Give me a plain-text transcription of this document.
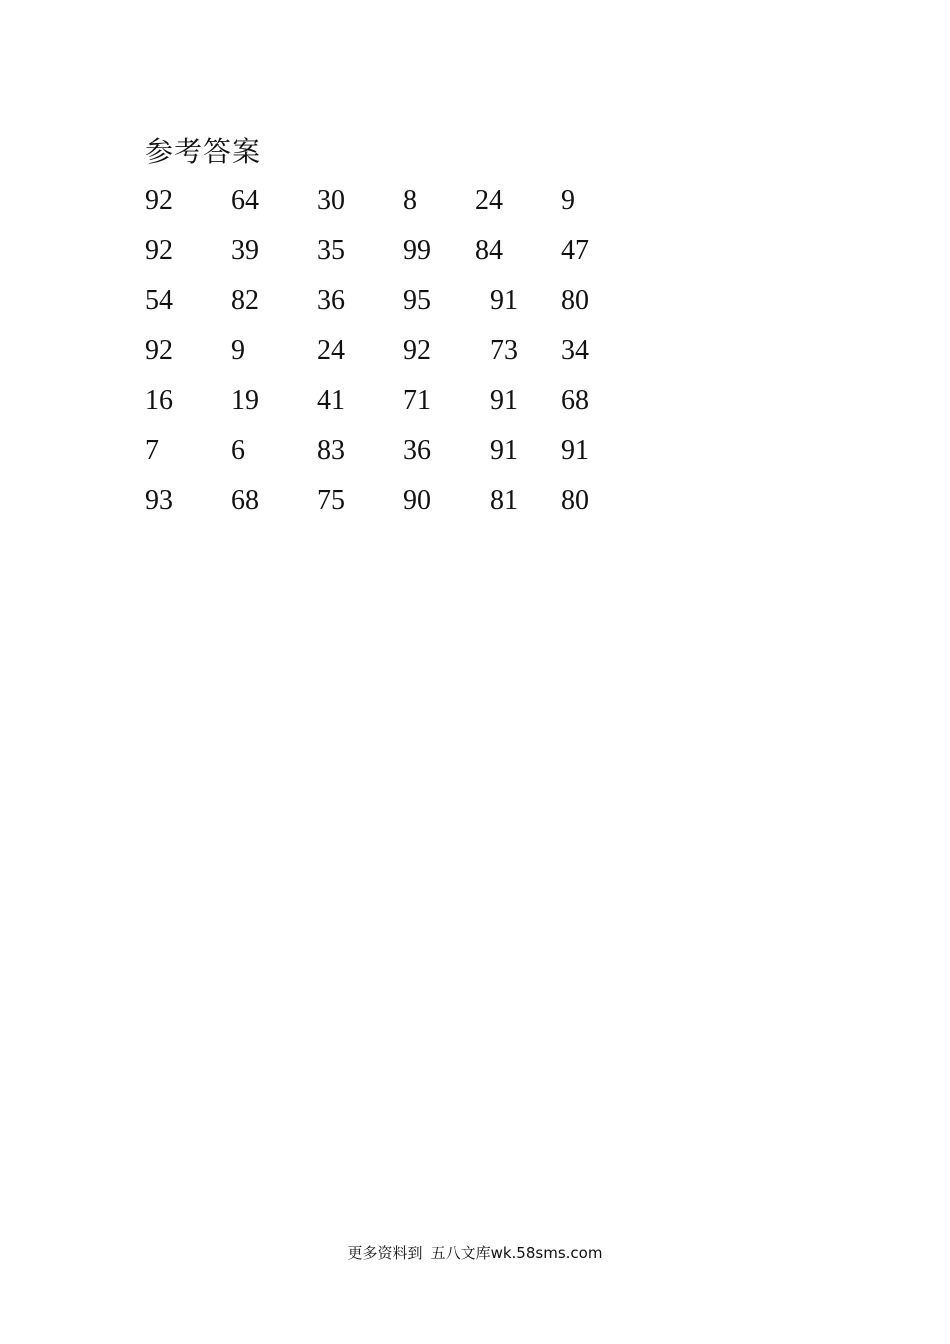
参考答案
92 64 30 8 24 9
92 39 35 99 84 47
54 82 36 95 91 80
92 9	24 92 73 34
16 19 41 71 91 68
7	6	83 36 91 91
93 68 75 90 81 80
更多资料到 五八文库wk.58sms.com
